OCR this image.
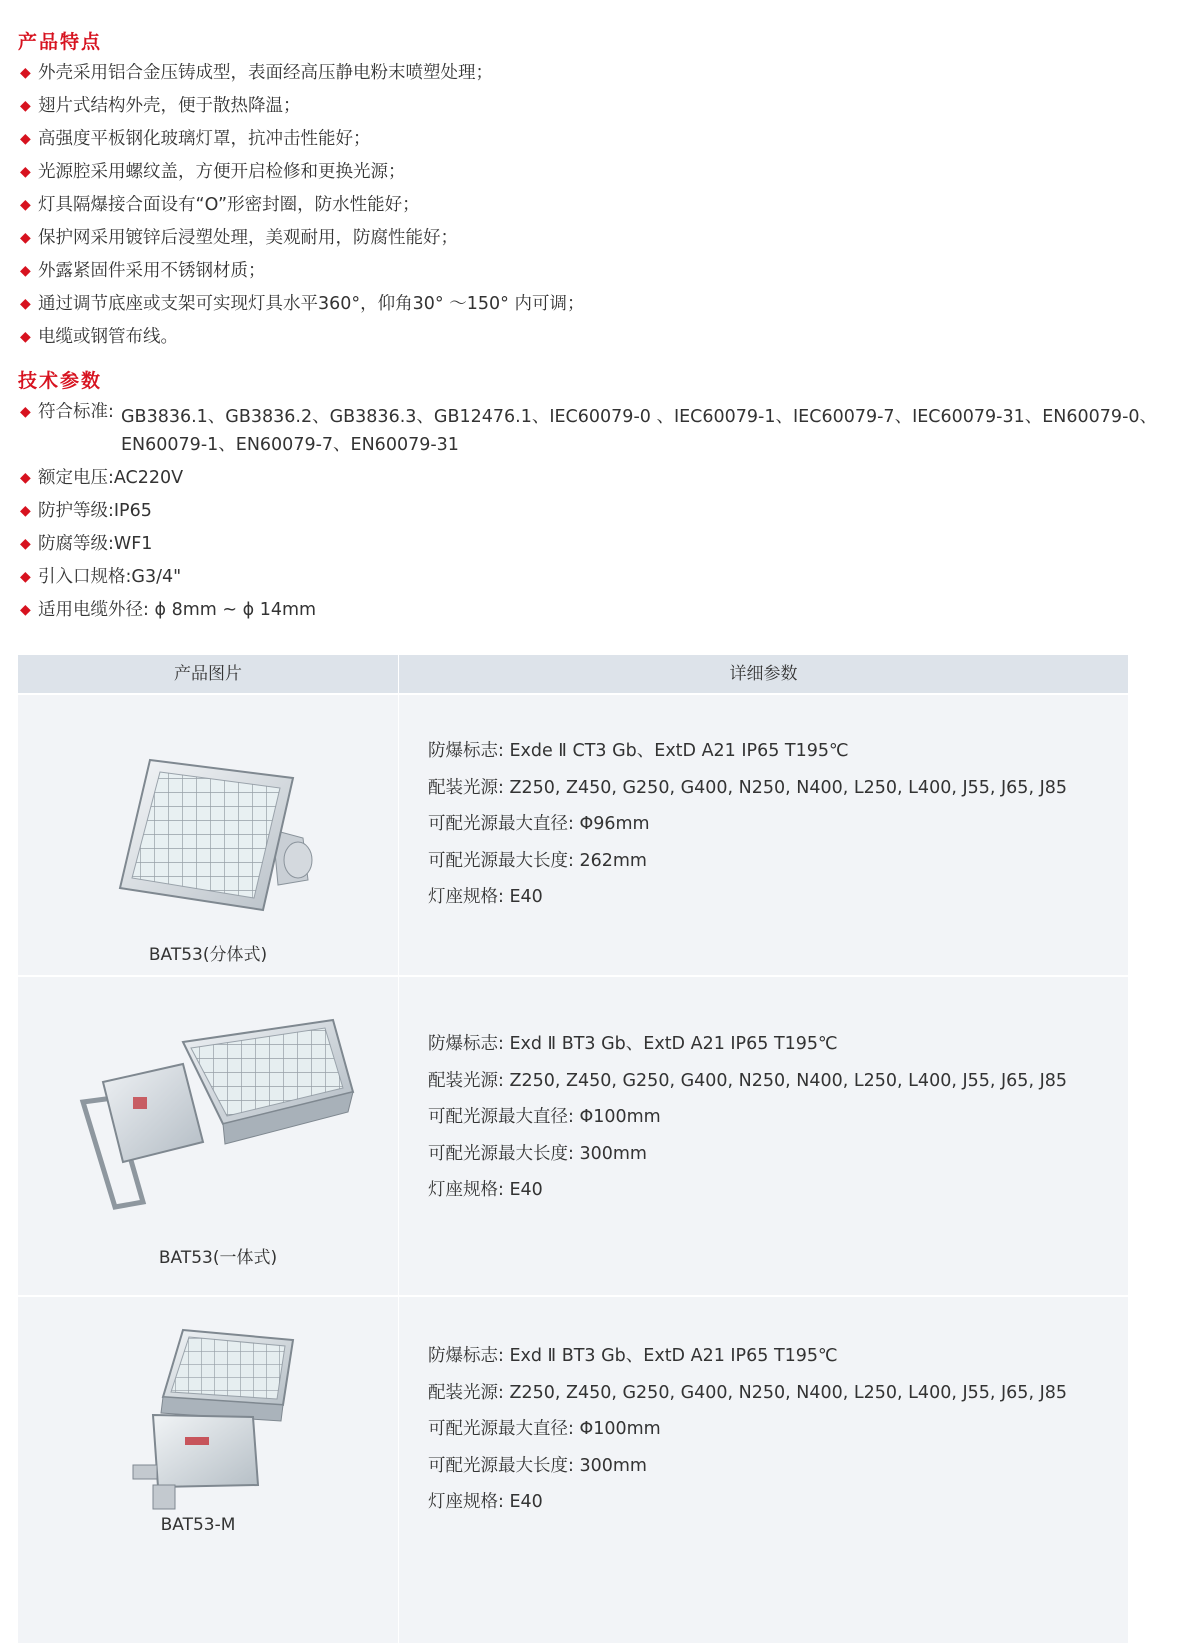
产品特点
◆ 外壳采用铝合金压铸成型，表面经高压静电粉末喷塑处理；
◆ 翅片式结构外壳，便于散热降温；
◆ 高强度平板钢化玻璃灯罩，抗冲击性能好；
◆ 光源腔采用螺纹盖，方便开启检修和更换光源；
◆ 灯具隔爆接合面设有“O”形密封圈，防水性能好；
◆ 保护网采用镀锌后浸塑处理，美观耐用，防腐性能好；
◆ 外露紧固件采用不锈钢材质；
◆ 通过调节底座或支架可实现灯具水平360°，仰角30° ～150° 内可调；
◆ 电缆或钢管布线。
技术参数
◆ 符合标准: GB3836.1、GB3836.2、GB3836.3、GB12476.1、IEC60079-0 、IEC60079-1、IEC60079-7、IEC60079-31、EN60079-0、
EN60079-1、EN60079-7、EN60079-31
◆ 额定电压:AC220V
◆ 防护等级:IP65
◆ 防腐等级:WF1
◆ 引入口规格:G3/4"
◆ 适用电缆外径: ϕ 8mm ~ ϕ 14mm
产品图片	详细参数
BAT53(分体式)
防爆标志: Exde Ⅱ CT3 Gb、ExtD A21 IP65 T195℃
配装光源: Z250, Z450, G250, G400, N250, N400, L250, L400, J55, J65, J85
可配光源最大直径: Φ96mm
可配光源最大长度: 262mm
灯座规格: E40
BAT53(一体式)
防爆标志: Exd Ⅱ BT3 Gb、ExtD A21 IP65 T195℃
配装光源: Z250, Z450, G250, G400, N250, N400, L250, L400, J55, J65, J85
可配光源最大直径: Φ100mm
可配光源最大长度: 300mm
灯座规格: E40
BAT53-M
防爆标志: Exd Ⅱ BT3 Gb、ExtD A21 IP65 T195℃
配装光源: Z250, Z450, G250, G400, N250, N400, L250, L400, J55, J65, J85
可配光源最大直径: Φ100mm
可配光源最大长度: 300mm
灯座规格: E40
